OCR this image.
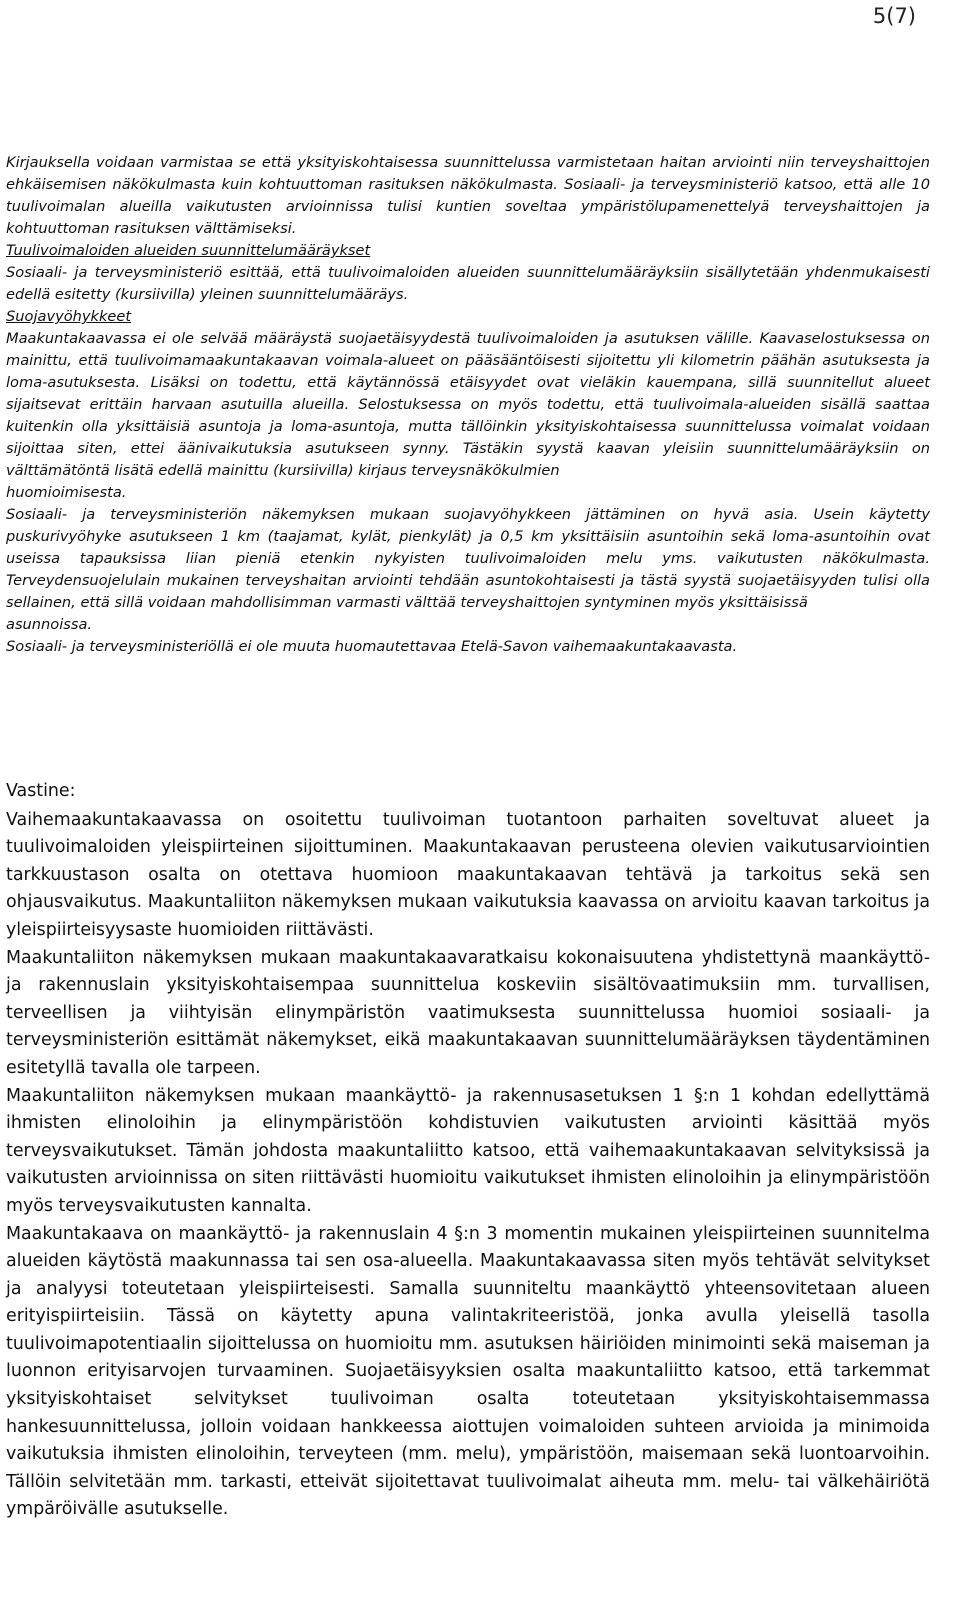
5(7)

Kirjauksella voidaan varmistaa se että yksityiskohtaisessa suunnittelussa varmistetaan haitan arviointi niin terveyshaittojen ehkäisemisen näkökulmasta kuin kohtuuttoman rasituksen näkökulmasta. Sosiaali- ja terveysministeriö katsoo, että alle 10 tuulivoimalan alueilla vaikutusten arvioinnissa tulisi kuntien soveltaa ympäristölupamenettelyä terveyshaittojen ja kohtuuttoman rasituksen välttämiseksi.

Tuulivoimaloiden alueiden suunnittelumääräykset

Sosiaali- ja terveysministeriö esittää, että tuulivoimaloiden alueiden suunnittelumääräyksiin sisällytetään yhdenmukaisesti edellä esitetty (kursiivilla) yleinen suunnittelumääräys.

Suojavyöhykkeet

Maakuntakaavassa ei ole selvää määräystä suojaetäisyydestä tuulivoimaloiden ja asutuksen välille. Kaavaselostuksessa on mainittu, että tuulivoimamaakuntakaavan voimala-alueet on pääsääntöisesti sijoitettu yli kilometrin päähän asutuksesta ja loma-asutuksesta. Lisäksi on todettu, että käytännössä etäisyydet ovat vieläkin kauempana, sillä suunnitellut alueet sijaitsevat erittäin harvaan asutuilla alueilla. Selostuksessa on myös todettu, että tuulivoimala-alueiden sisällä saattaa kuitenkin olla yksittäisiä asuntoja ja loma-asuntoja, mutta tällöinkin yksityiskohtaisessa suunnittelussa voimalat voidaan sijoittaa siten, ettei äänivaikutuksia asutukseen synny. Tästäkin syystä kaavan yleisiin suunnittelumääräyksiin on välttämätöntä lisätä edellä mainittu (kursiivilla) kirjaus terveysnäkökulmien

huomioimisesta.

Sosiaali- ja terveysministeriön näkemyksen mukaan suojavyöhykkeen jättäminen on hyvä asia. Usein käytetty puskurivyöhyke asutukseen 1 km (taajamat, kylät, pienkylät) ja 0,5 km yksittäisiin asuntoihin sekä loma-asuntoihin ovat useissa tapauksissa liian pieniä etenkin nykyisten tuulivoimaloiden melu yms. vaikutusten näkökulmasta. Terveydensuojelulain mukainen terveyshaitan arviointi tehdään asuntokohtaisesti ja tästä syystä suojaetäisyyden tulisi olla sellainen, että sillä voidaan mahdollisimman varmasti välttää terveyshaittojen syntyminen myös yksittäisissä

asunnoissa.

Sosiaali- ja terveysministeriöllä ei ole muuta huomautettavaa Etelä-Savon vaihemaakuntakaavasta.

Vastine:

Vaihemaakuntakaavassa on osoitettu tuulivoiman tuotantoon parhaiten soveltuvat alueet ja tuulivoimaloiden yleispiirteinen sijoittuminen. Maakuntakaavan perusteena olevien vaikutusarviointien tarkkuustason osalta on otettava huomioon maakuntakaavan tehtävä ja tarkoitus sekä sen ohjausvaikutus. Maakuntaliiton näkemyksen mukaan vaikutuksia kaavassa on arvioitu kaavan tarkoitus ja yleispiirteisyysaste huomioiden riittävästi.

Maakuntaliiton näkemyksen mukaan maakuntakaavaratkaisu kokonaisuutena yhdistettynä maankäyttö- ja rakennuslain yksityiskohtaisempaa suunnittelua koskeviin sisältövaatimuksiin mm. turvallisen, terveellisen ja viihtyisän elinympäristön vaatimuksesta suunnittelussa huomioi sosiaali- ja terveysministeriön esittämät näkemykset, eikä maakuntakaavan suunnittelumääräyksen täydentäminen esitetyllä tavalla ole tarpeen.

Maakuntaliiton näkemyksen mukaan maankäyttö- ja rakennusasetuksen 1 §:n 1 kohdan edellyttämä ihmisten elinoloihin ja elinympäristöön kohdistuvien vaikutusten arviointi käsittää myös terveysvaikutukset. Tämän johdosta maakuntaliitto katsoo, että vaihemaakuntakaavan selvityksissä ja vaikutusten arvioinnissa on siten riittävästi huomioitu vaikutukset ihmisten elinoloihin ja elinympäristöön myös terveysvaikutusten kannalta.

Maakuntakaava on maankäyttö- ja rakennuslain 4 §:n 3 momentin mukainen yleispiirteinen suunnitelma alueiden käytöstä maakunnassa tai sen osa-alueella. Maakuntakaavassa siten myös tehtävät selvitykset ja analyysi toteutetaan yleispiirteisesti. Samalla suunniteltu maankäyttö yhteensovitetaan alueen erityispiirteisiin. Tässä on käytetty apuna valintakriteeristöä, jonka avulla yleisellä tasolla tuulivoimapotentiaalin sijoittelussa on huomioitu mm. asutuksen häiriöiden minimointi sekä maiseman ja luonnon erityisarvojen turvaaminen. Suojaetäisyyksien osalta maakuntaliitto katsoo, että tarkemmat yksityiskohtaiset selvitykset tuulivoiman osalta toteutetaan yksityiskohtaisemmassa hankesuunnittelussa, jolloin voidaan hankkeessa aiottujen voimaloiden suhteen arvioida ja minimoida vaikutuksia ihmisten elinoloihin, terveyteen (mm. melu), ympäristöön, maisemaan sekä luontoarvoihin. Tällöin selvitetään mm. tarkasti, etteivät sijoitettavat tuulivoimalat aiheuta mm. melu- tai välkehäiriötä ympäröivälle asutukselle.
